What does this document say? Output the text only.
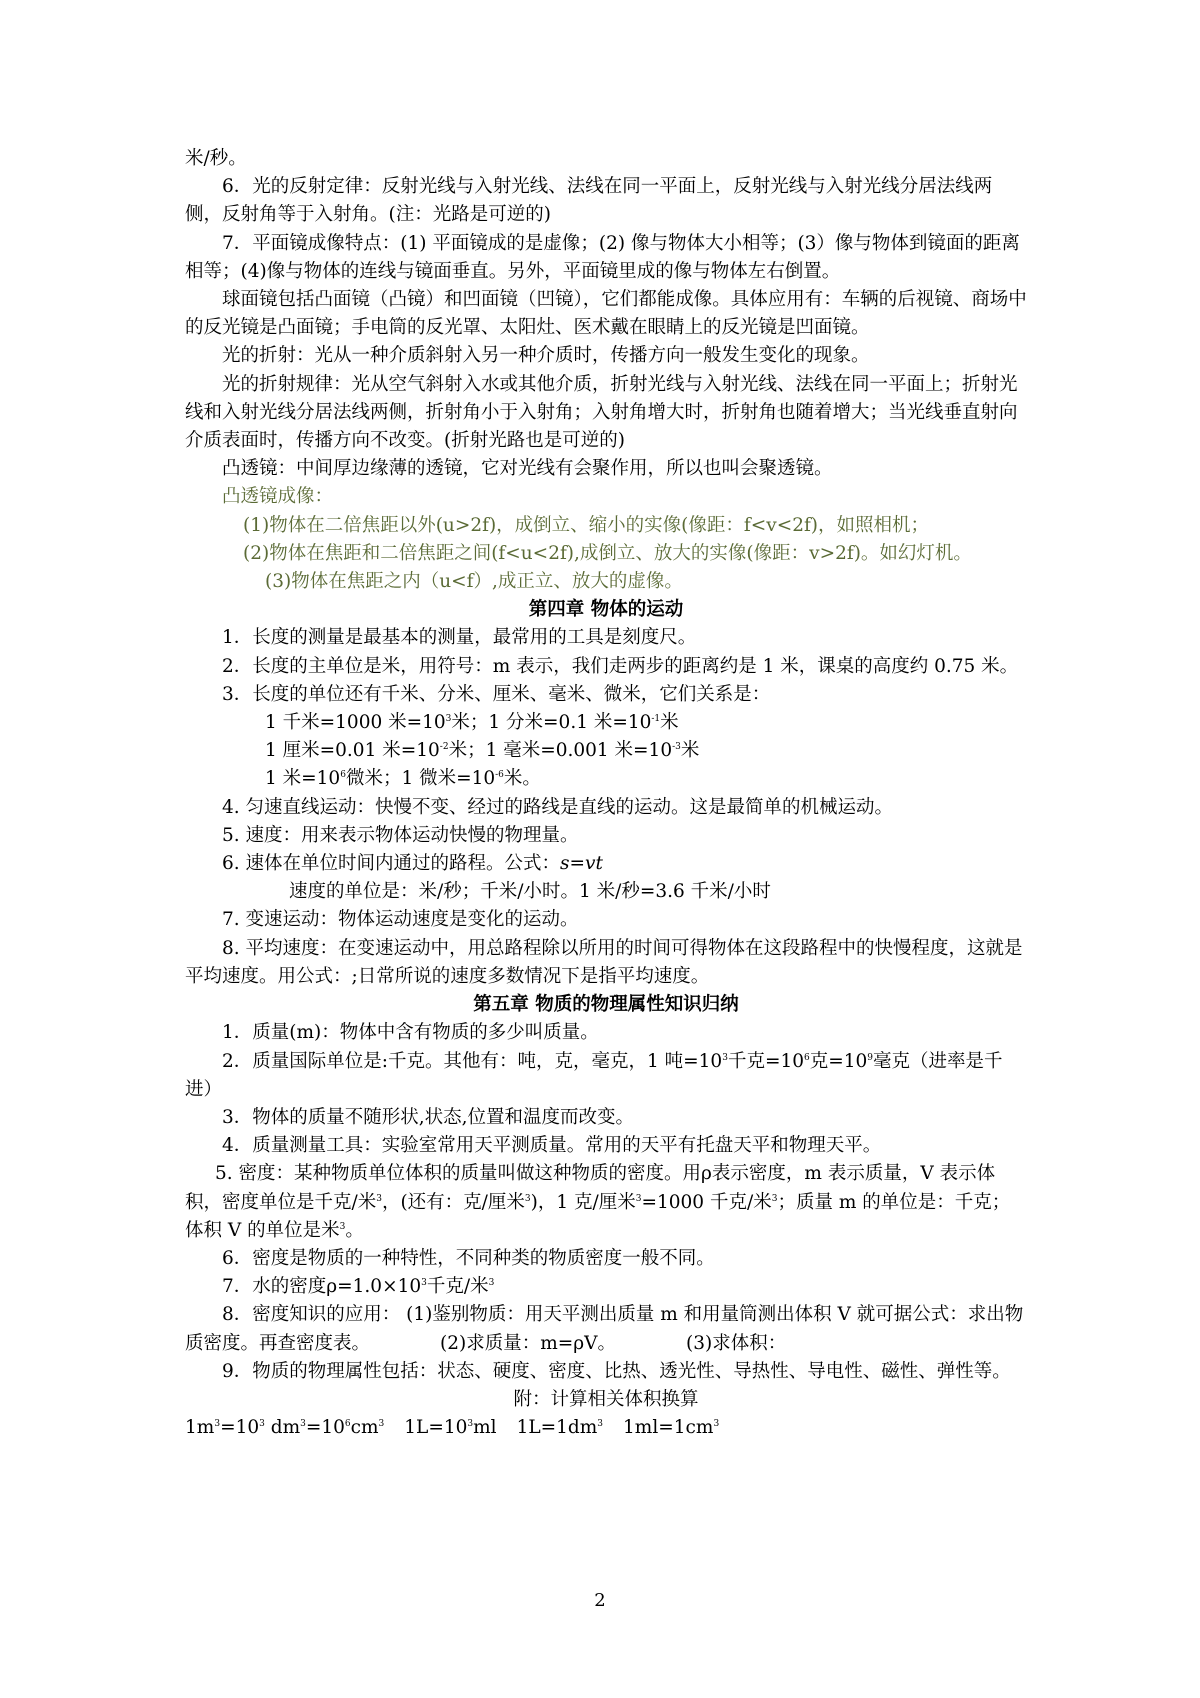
米/秒。

6．光的反射定律：反射光线与入射光线、法线在同一平面上，反射光线与入射光线分居法线两侧，反射角等于入射角。(注：光路是可逆的)

7．平面镜成像特点：(1) 平面镜成的是虚像；(2) 像与物体大小相等；(3）像与物体到镜面的距离相等；(4)像与物体的连线与镜面垂直。另外，平面镜里成的像与物体左右倒置。

球面镜包括凸面镜（凸镜）和凹面镜（凹镜），它们都能成像。具体应用有：车辆的后视镜、商场中的反光镜是凸面镜；手电筒的反光罩、太阳灶、医术戴在眼睛上的反光镜是凹面镜。

光的折射：光从一种介质斜射入另一种介质时，传播方向一般发生变化的现象。

光的折射规律：光从空气斜射入水或其他介质，折射光线与入射光线、法线在同一平面上；折射光线和入射光线分居法线两侧，折射角小于入射角；入射角增大时，折射角也随着增大；当光线垂直射向介质表面时，传播方向不改变。(折射光路也是可逆的)

凸透镜：中间厚边缘薄的透镜，它对光线有会聚作用，所以也叫会聚透镜。

凸透镜成像：

(1)物体在二倍焦距以外(u>2f)，成倒立、缩小的实像(像距：f<v<2f)，如照相机；

(2)物体在焦距和二倍焦距之间(f<u<2f),成倒立、放大的实像(像距：v>2f)。如幻灯机。

(3)物体在焦距之内（u<f）,成正立、放大的虚像。

第四章 物体的运动

1．长度的测量是最基本的测量，最常用的工具是刻度尺。

2．长度的主单位是米，用符号：m 表示，我们走两步的距离约是 1 米，课桌的高度约 0.75 米。

3．长度的单位还有千米、分米、厘米、毫米、微米，它们关系是：

1 千米=1000 米$=10^3$米；1 分米=0.1 米$=10^{-1}$米

1 厘米=0.01 米$=10^{-2}$米；1 毫米=0.001 米$=10^{-3}$米

1 米$=10^6$微米；1 微米$=10^{-6}$米。

4. 匀速直线运动：快慢不变、经过的路线是直线的运动。这是最简单的机械运动。

5. 速度：用来表示物体运动快慢的物理量。

6. 速体在单位时间内通过的路程。公式：s=vt

速度的单位是：米/秒；千米/小时。1 米/秒=3.6 千米/小时

7. 变速运动：物体运动速度是变化的运动。

8. 平均速度：在变速运动中，用总路程除以所用的时间可得物体在这段路程中的快慢程度，这就是平均速度。用公式：;日常所说的速度多数情况下是指平均速度。

第五章 物质的物理属性知识归纳

1．质量(m)：物体中含有物质的多少叫质量。

2．质量国际单位是:千克。其他有：吨，克，毫克，1 吨$=10^3$千克$=10^6$克$=10^9$毫克（进率是千进）

3．物体的质量不随形状,状态,位置和温度而改变。

4．质量测量工具：实验室常用天平测质量。常用的天平有托盘天平和物理天平。

5. 密度：某种物质单位体积的质量叫做这种物质的密度。用ρ表示密度，m 表示质量，V 表示体积，密度单位是千克/米$^3$，(还有：克/厘米$^3$)，1 克/厘米$^3$=1000 千克/米$^3$；质量 m 的单位是：千克；体积 V 的单位是米$^3$。

6．密度是物质的一种特性，不同种类的物质密度一般不同。

7．水的密度$\rho=1.0\times 10^3$千克/米$^3$

8．密度知识的应用： (1)鉴别物质：用天平测出质量 m 和用量筒测出体积 V 就可据公式：求出物质密度。再查密度表。	(2)求质量：m=ρV。	(3)求体积：

9．物质的物理属性包括：状态、硬度、密度、比热、透光性、导热性、导电性、磁性、弹性等。

附：计算相关体积换算

$1m^3=10^3$ $dm^3=10^6cm^3$ $1L=10^3ml$ $1L=1dm^3$ $1ml=1cm^3$

2
